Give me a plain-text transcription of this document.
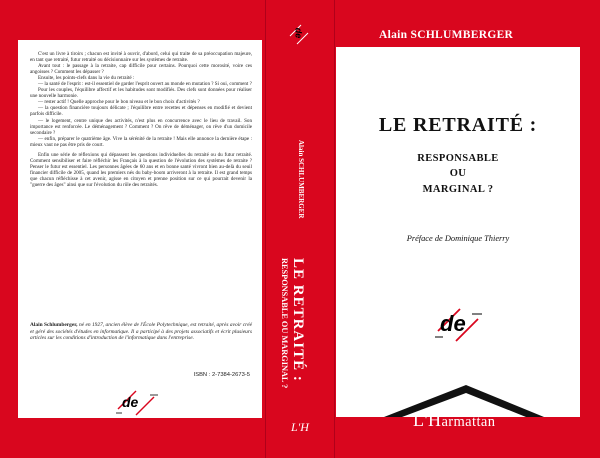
C'est un livre à tiroirs ; chacun est invité à ouvrir, d'abord, celui qui traite de sa préoccupation majeure, en tant que retraité, futur retraité ou décisionnaire sur les systèmes de retraite.

Avant tout : le passage à la retraite, cap difficile pour certains. Pourquoi cette morosité, voire ces angoisses ? Comment les dépasser ?

Ensuite, les points-clefs dans la vie du retraité :

— la santé de l'esprit : est-il essentiel de garder l'esprit ouvert au monde en mutation ? Si oui, comment ?

Pour les couples, l'équilibre affectif et les habitudes sont modifiés. Des clefs sont données pour réaliser une nouvelle harmonie.

— rester actif ! Quelle approche pour le bon niveau et le bon choix d'activités ?

— la question financière toujours délicate ; l'équilibre entre recettes et dépenses en modifié et devient parfois difficile.

— le logement, centre unique des activités, n'est plus en concurrence avec le lieu de travail. Son importance est renforcée. Le déménagement ? Comment ? On rêve de déménager, on rêve d'un domicile secondaire ?

— enfin, préparer le quatrième âge. Vive la sérénité de la retraite ! Mais elle annonce la dernière étape : mieux vaut ne pas être pris de court.

Enfin une série de réflexions qui dépassent les questions individuelles du retraité ou du futur retraité. Comment sensibiliser et faire réfléchir les Français à la question de l'évolution des systèmes de retraite ? Penser le futur est essentiel. Les personnes âgées de 60 ans et en bonne santé vivront bien au-delà du seuil financier difficile de 2005, quand les premiers nés du baby-boom arriveront à la retraite. Il est grand temps que chacun réfléchisse à cet avenir, agisse en citoyen et prenne position sur ce qui pourrait devenir la "guerre des âges" ainsi que sur l'évolution du rôle des retraités.

Alain Schlumberger, né en 1927, ancien élève de l'École Polytechnique, est retraité, après avoir créé et géré des sociétés d'études en informatique. Il a participé à des projets associatifs et écrit plusieurs articles sur les conditions d'introduction de l'informatique dans l'entreprise.
ISBN : 2-7384-2673-5
de
de
L'H
Alain SCHLUMBERGER
LE RETRAITÉ :
RESPONSABLE OU MARGINAL ?
Alain SCHLUMBERGER
LE RETRAITÉ :
RESPONSABLE
OU
MARGINAL ?
Préface de Dominique Thierry
de
L'Harmattan
